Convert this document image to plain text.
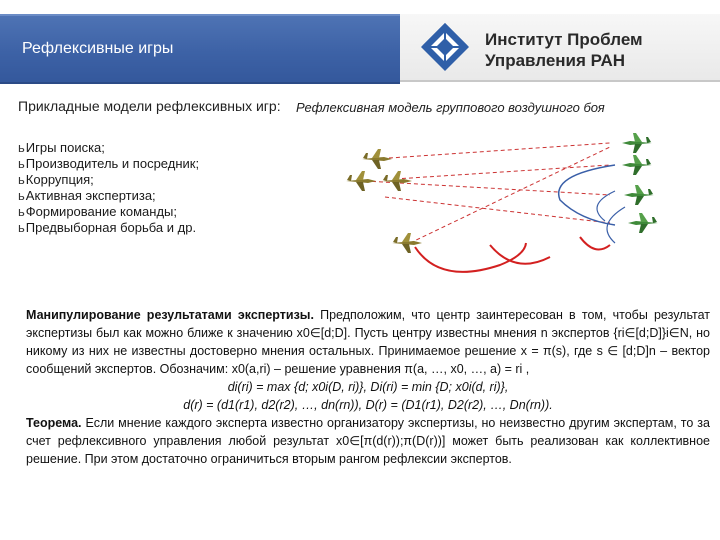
Рефлексивные игры	Институт Проблем
Управления РАН
Прикладные модели рефлексивных игр:
ьИгры поиска;
ьПроизводитель и посредник;
ьКоррупция;
ьАктивная экспертиза;
ьФормирование команды;
ьПредвыборная борьба и др.
Рефлексивная модель группового воздушного боя

Манипулирование результатами экспертизы. Предположим, что центр заинтересован в том, чтобы результат экспертизы был как можно ближе к значению x0∈[d;D]. Пусть центру известны мнения n экспертов {ri∈[d;D]}i∈N, но никому из них не известны достоверно мнения остальных. Принимаемое решение x = π(s), где s ∈ [d;D]n – вектор сообщений экспертов. Обозначим: x0(a,ri) – решение уравнения π(a, …, x0, …, a) = ri ,

di(ri) = max {d; x0i(D, ri)}, Di(ri) = min {D; x0i(d, ri)},

d(r) = (d1(r1), d2(r2), …, dn(rn)), D(r) = (D1(r1), D2(r2), …, Dn(rn)).

Теорема. Если мнение каждого эксперта известно организатору экспертизы, но неизвестно другим экспертам, то за счет рефлексивного управления любой результат x0∈[π(d(r));π(D(r))] может быть реализован как коллективное решение. При этом достаточно ограничиться вторым рангом рефлексии экспертов.
